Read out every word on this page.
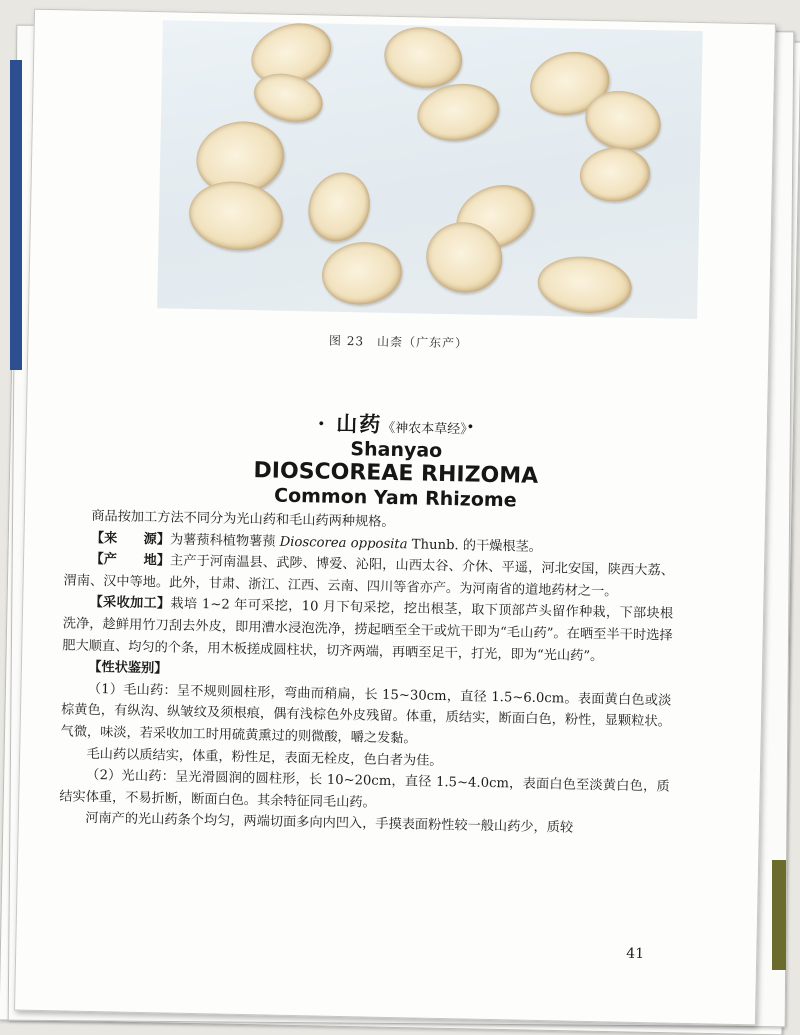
图 23　山柰（广东产）
· 山药《神农本草经》·
Shanyao
DIOSCOREAE RHIZOMA
Common Yam Rhizome

商品按加工方法不同分为光山药和毛山药两种规格。

【来　　源】为薯蓣科植物薯蓣 Dioscorea opposita Thunb. 的干燥根茎。

【产　　地】主产于河南温县、武陟、博爱、沁阳，山西太谷、介休、平遥，河北安国，陕西大荔、渭南、汉中等地。此外，甘肃、浙江、江西、云南、四川等省亦产。为河南省的道地药材之一。

【采收加工】栽培 1~2 年可采挖，10 月下旬采挖，挖出根茎，取下顶部芦头留作种栽，下部块根洗净，趁鲜用竹刀刮去外皮，即用漕水浸泡洗净，捞起晒至全干或炕干即为“毛山药”。在晒至半干时选择肥大顺直、均匀的个条，用木板搓成圆柱状，切齐两端，再晒至足干，打光，即为“光山药”。

【性状鉴别】

（1）毛山药：呈不规则圆柱形，弯曲而稍扁，长 15~30cm，直径 1.5~6.0cm。表面黄白色或淡棕黄色，有纵沟、纵皱纹及须根痕，偶有浅棕色外皮残留。体重，质结实，断面白色，粉性，显颗粒状。气微，味淡，若采收加工时用硫黄熏过的则微酸，嚼之发黏。

毛山药以质结实，体重，粉性足，表面无栓皮，色白者为佳。

（2）光山药：呈光滑圆润的圆柱形，长 10~20cm，直径 1.5~4.0cm，表面白色至淡黄白色，质结实体重，不易折断，断面白色。其余特征同毛山药。

河南产的光山药条个均匀，两端切面多向内凹入，手摸表面粉性较一般山药少，质较

41
